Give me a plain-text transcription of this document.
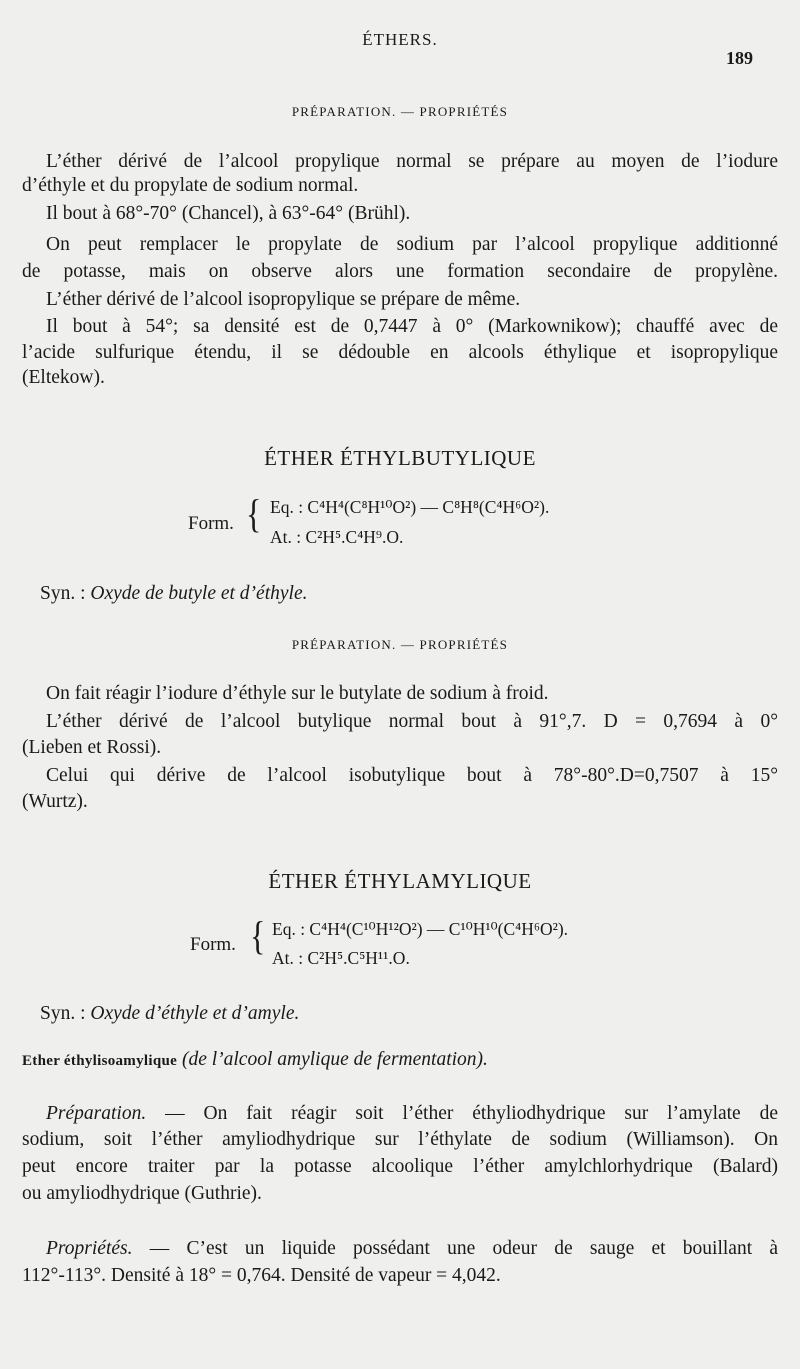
ÉTHERS.
189
PRÉPARATION. — PROPRIÉTÉS
L’éther dérivé de l’alcool propylique normal se prépare au moyen de l’iodure
d’éthyle et du propylate de sodium normal.
Il bout à 68°-70° (Chancel), à 63°-64° (Brühl).
On peut remplacer le propylate de sodium par l’alcool propylique additionné
de potasse, mais on observe alors une formation secondaire de propylène.
L’éther dérivé de l’alcool isopropylique se prépare de même.
Il bout à 54°; sa densité est de 0,7447 à 0° (Markownikow); chauffé avec de
l’acide sulfurique étendu, il se dédouble en alcools éthylique et isopropylique
(Eltekow).
ÉTHER ÉTHYLBUTYLIQUE
Form. { Eq. : C⁴H⁴(C⁸H¹⁰O²) — C⁸H⁸(C⁴H⁶O²).
At. : C²H⁵.C⁴H⁹.O.
Syn. : Oxyde de butyle et d’éthyle.
PRÉPARATION. — PROPRIÉTÉS
On fait réagir l’iodure d’éthyle sur le butylate de sodium à froid.
L’éther dérivé de l’alcool butylique normal bout à 91°,7. D = 0,7694 à 0°
(Lieben et Rossi).
Celui qui dérive de l’alcool isobutylique bout à 78°-80°.D=0,7507 à 15°
(Wurtz).
ÉTHER ÉTHYLAMYLIQUE
Form. { Eq. : C⁴H⁴(C¹⁰H¹²O²) — C¹⁰H¹⁰(C⁴H⁶O²).
At. : C²H⁵.C⁵H¹¹.O.
Syn. : Oxyde d’éthyle et d’amyle.
Ether éthylisoamylique (de l’alcool amylique de fermentation).
Préparation. — On fait réagir soit l’éther éthyliodhydrique sur l’amylate de
sodium, soit l’éther amyliodhydrique sur l’éthylate de sodium (Williamson). On
peut encore traiter par la potasse alcoolique l’éther amylchlorhydrique (Balard)
ou amyliodhydrique (Guthrie).
Propriétés. — C’est un liquide possédant une odeur de sauge et bouillant à
112°-113°. Densité à 18° = 0,764. Densité de vapeur = 4,042.
